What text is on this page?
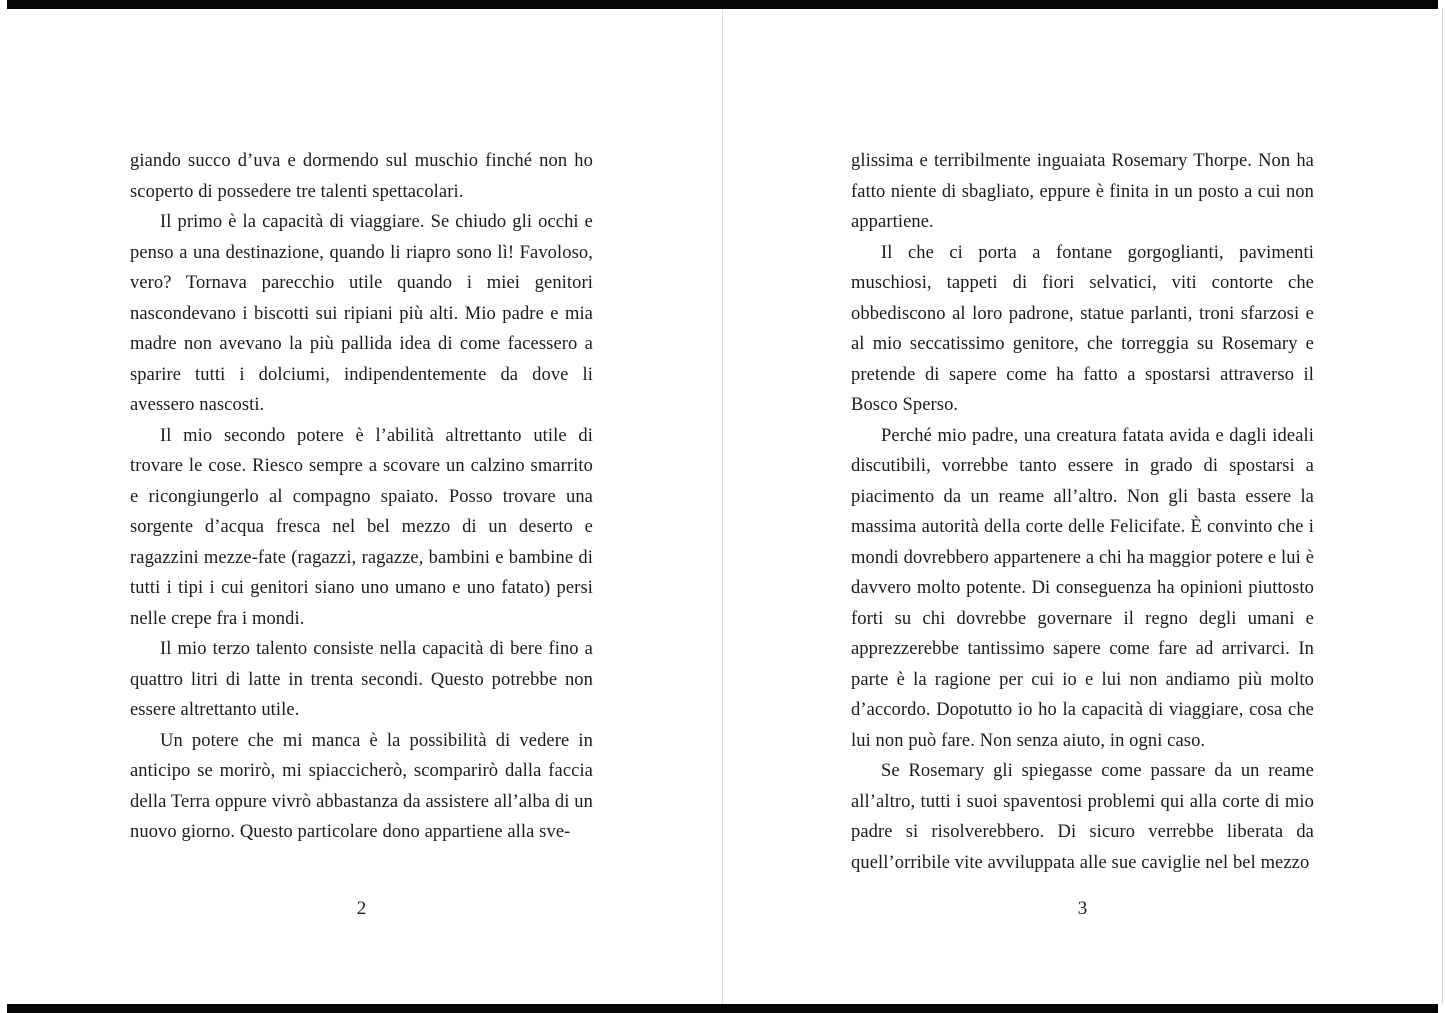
giando succo d’uva e dormendo sul muschio finché non ho scoperto di possedere tre talenti spettacolari.

Il primo è la capacità di viaggiare. Se chiudo gli occhi e penso a una destinazione, quando li riapro sono lì! Favoloso, vero? Tornava parecchio utile quando i miei genitori nascondevano i biscotti sui ripiani più alti. Mio padre e mia madre non avevano la più pallida idea di come facessero a sparire tutti i dolciumi, indipendentemente da dove li avessero nascosti.

Il mio secondo potere è l’abilità altrettanto utile di trovare le cose. Riesco sempre a scovare un calzino smarrito e ricongiungerlo al compagno spaiato. Posso trovare una sorgente d’acqua fresca nel bel mezzo di un deserto e ragazzini mezze-fate (ragazzi, ragazze, bambini e bambine di tutti i tipi i cui genitori siano uno umano e uno fatato) persi nelle crepe fra i mondi.

Il mio terzo talento consiste nella capacità di bere fino a quattro litri di latte in trenta secondi. Questo potrebbe non essere altrettanto utile.

Un potere che mi manca è la possibilità di vedere in anticipo se morirò, mi spiaccicherò, scomparirò dalla faccia della Terra oppure vivrò abbastanza da assistere all’alba di un nuovo giorno. Questo particolare dono appartiene alla sve-

2

glissima e terribilmente inguaiata Rosemary Thorpe. Non ha fatto niente di sbagliato, eppure è finita in un posto a cui non appartiene.

Il che ci porta a fontane gorgoglianti, pavimenti muschiosi, tappeti di fiori selvatici, viti contorte che obbediscono al loro padrone, statue parlanti, troni sfarzosi e al mio seccatissimo genitore, che torreggia su Rosemary e pretende di sapere come ha fatto a spostarsi attraverso il Bosco Sperso.

Perché mio padre, una creatura fatata avida e dagli ideali discutibili, vorrebbe tanto essere in grado di spostarsi a piacimento da un reame all’altro. Non gli basta essere la massima autorità della corte delle Felicifate. È convinto che i mondi dovrebbero appartenere a chi ha maggior potere e lui è davvero molto potente. Di conseguenza ha opinioni piuttosto forti su chi dovrebbe governare il regno degli umani e apprezzerebbe tantissimo sapere come fare ad arrivarci. In parte è la ragione per cui io e lui non andiamo più molto d’accordo. Dopotutto io ho la capacità di viaggiare, cosa che lui non può fare. Non senza aiuto, in ogni caso.

Se Rosemary gli spiegasse come passare da un reame all’altro, tutti i suoi spaventosi problemi qui alla corte di mio padre si risolverebbero. Di sicuro verrebbe liberata da quell’orribile vite avviluppata alle sue caviglie nel bel mezzo

3
